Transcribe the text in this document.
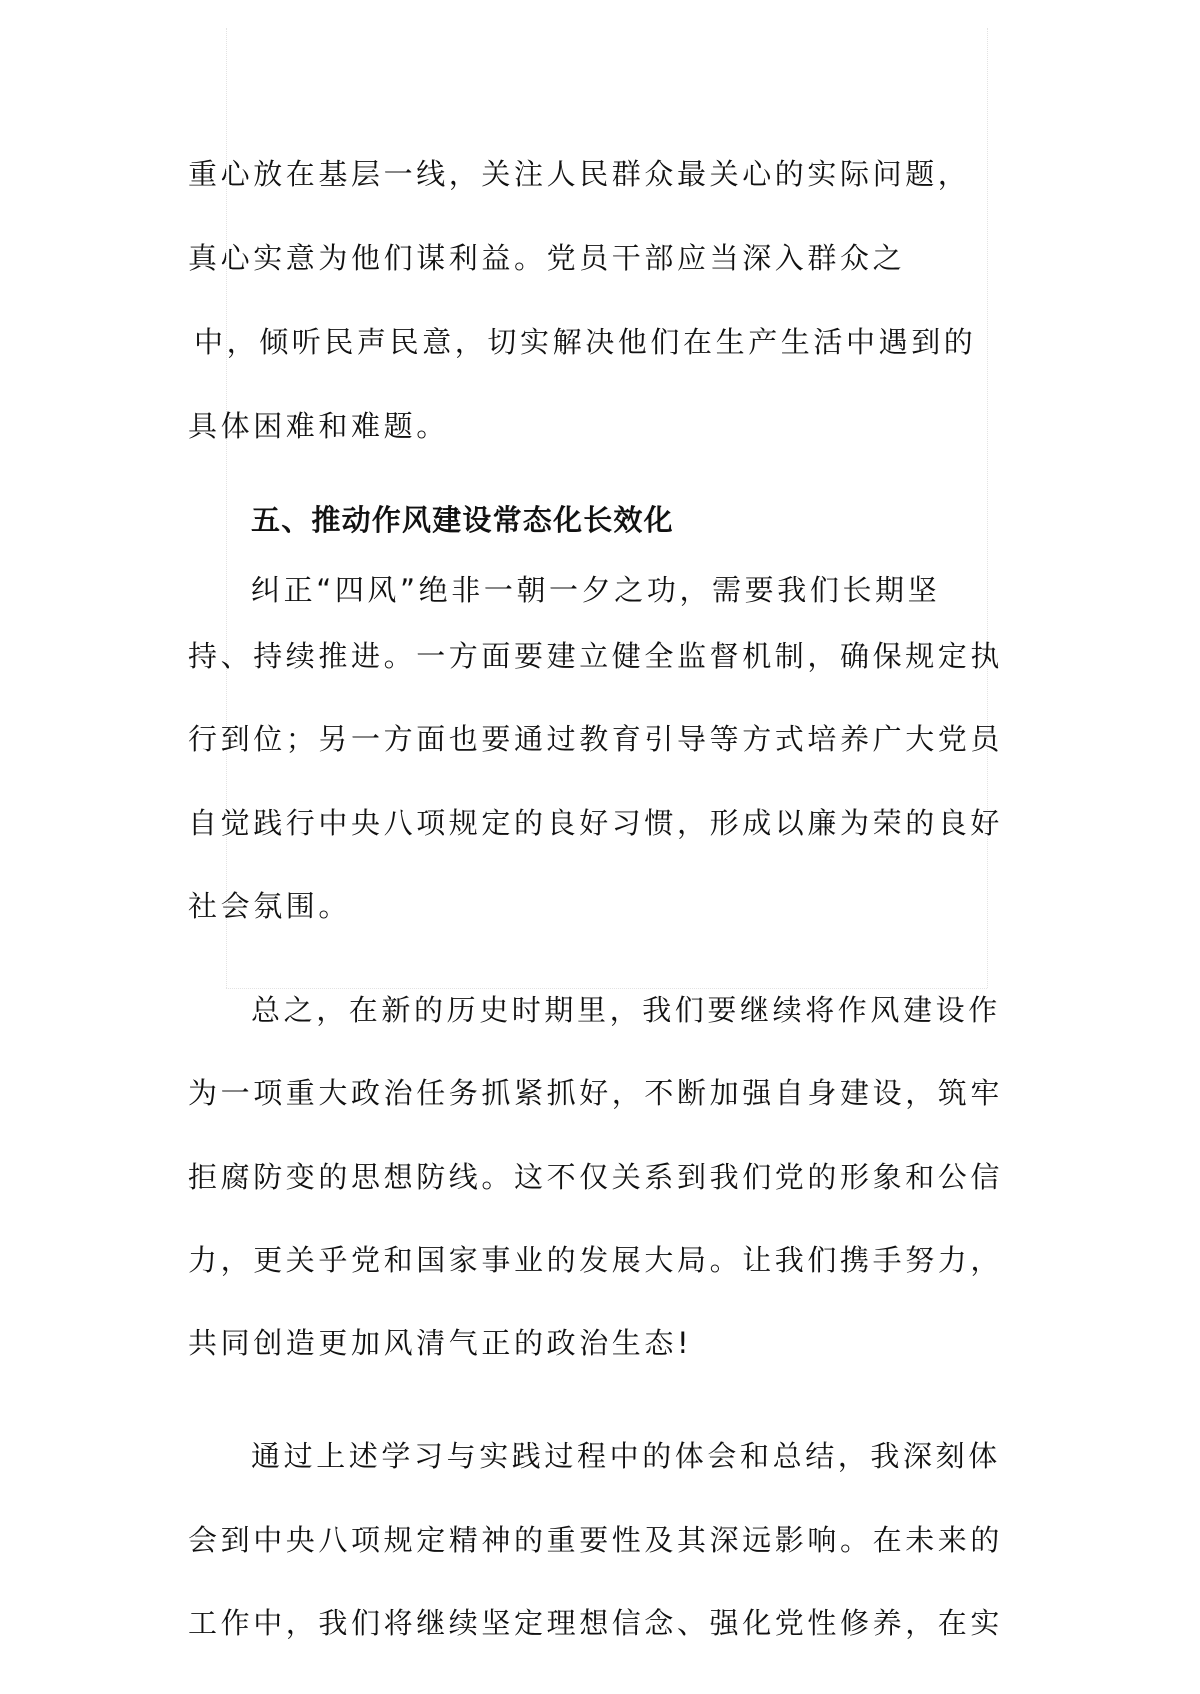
重心放在基层一线，关注人民群众最关心的实际问题，
真心实意为他们谋利益。党员干部应当深入群众之
中，倾听民声民意，切实解决他们在生产生活中遇到的
具体困难和难题。
五、推动作风建设常态化长效化
纠正“四风”绝非一朝一夕之功，需要我们长期坚
持、持续推进。一方面要建立健全监督机制，确保规定执
行到位；另一方面也要通过教育引导等方式培养广大党员
自觉践行中央八项规定的良好习惯，形成以廉为荣的良好
社会氛围。
总之，在新的历史时期里，我们要继续将作风建设作
为一项重大政治任务抓紧抓好，不断加强自身建设，筑牢
拒腐防变的思想防线。这不仅关系到我们党的形象和公信
力，更关乎党和国家事业的发展大局。让我们携手努力，
共同创造更加风清气正的政治生态!
通过上述学习与实践过程中的体会和总结，我深刻体
会到中央八项规定精神的重要性及其深远影响。在未来的
工作中，我们将继续坚定理想信念、强化党性修养，在实
